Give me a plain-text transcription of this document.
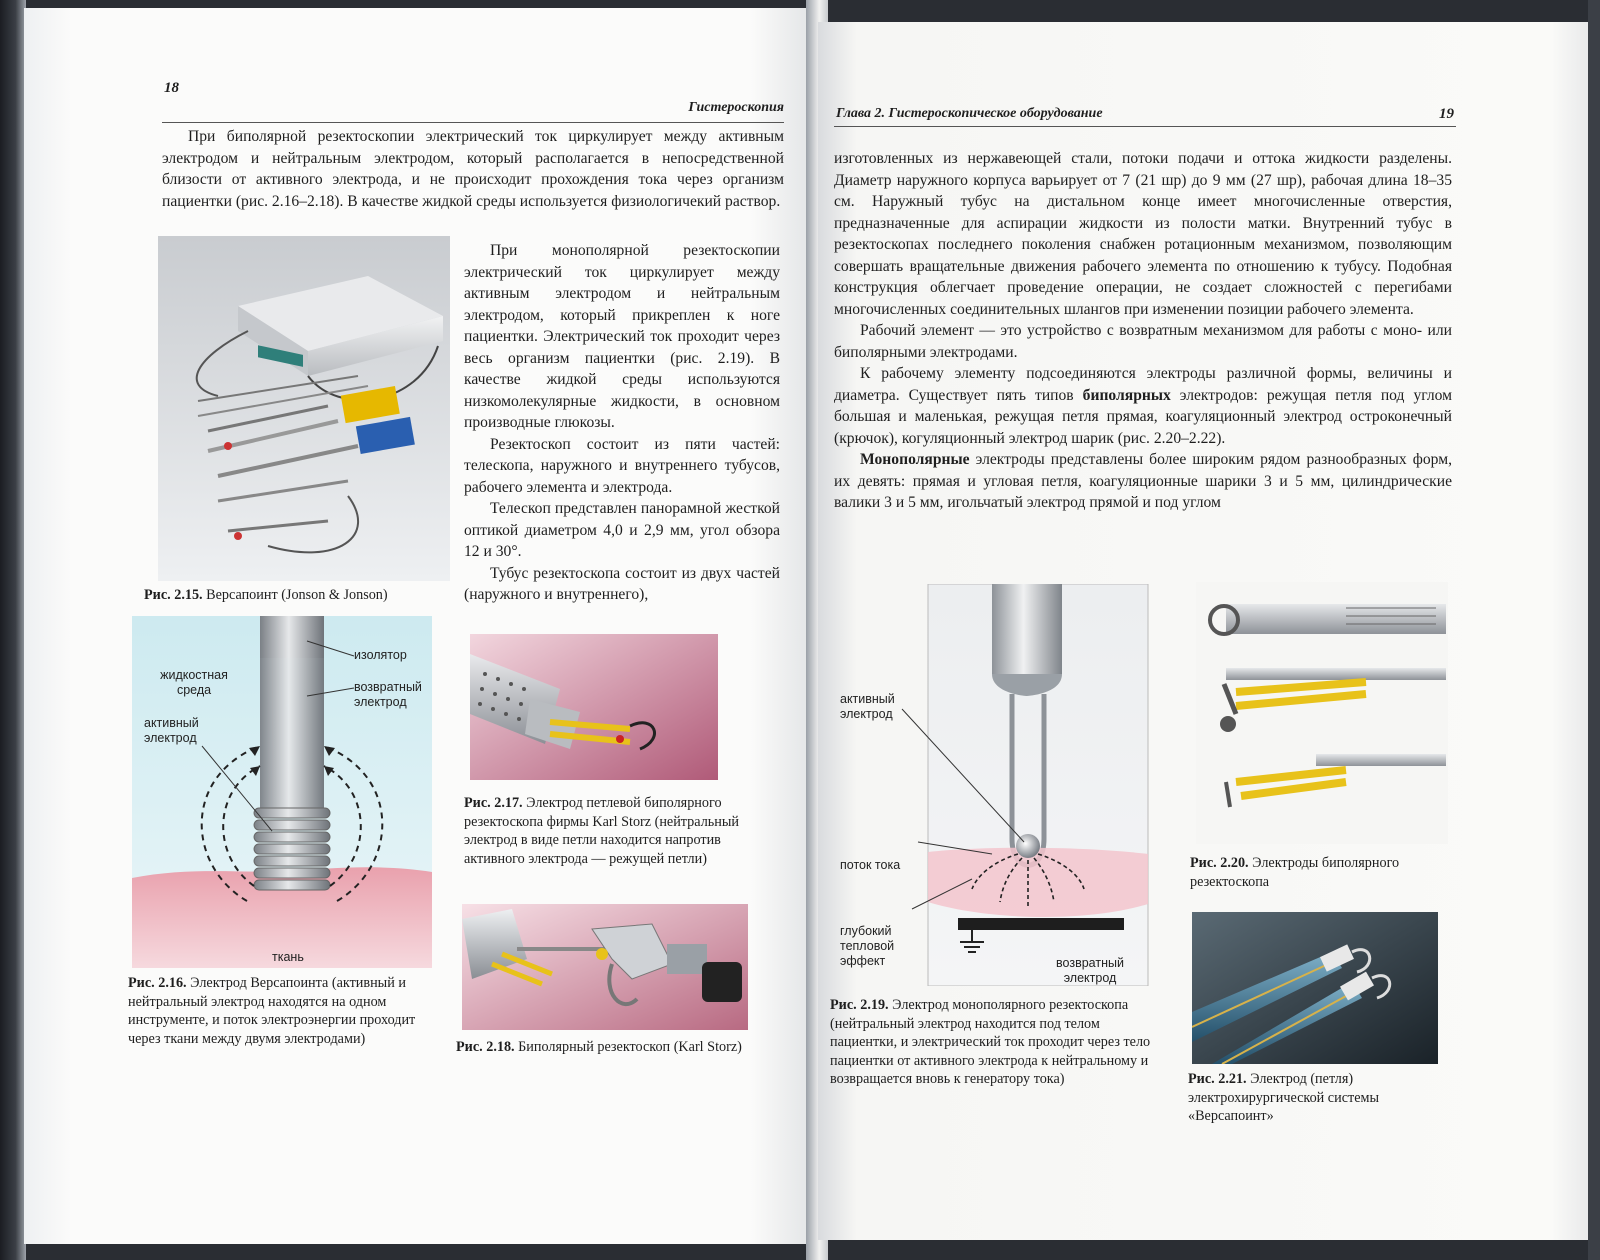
18
Гистероскопия

При биполярной резектоскопии электрический ток циркулирует между активным электродом и нейтральным электродом, который располагается в непосредственной близости от активного электрода, и не происходит прохождения тока через организм пациентки (рис. 2.16–2.18). В качестве жидкой среды используется физиологичекий раствор.

Рис. 2.15. Версапоинт (Jonson & Jonson)

При монополярной резектоскопии электрический ток циркулирует между активным электродом и нейтральным электродом, который прикреплен к ноге пациентки. Электрический ток проходит через весь организм пациентки (рис. 2.19). В качестве жидкой среды используются низкомолекулярные жидкости, в основном производные глюкозы.

Резектоскоп состоит из пяти частей: телескопа, наружного и внутреннего тубусов, рабочего элемента и электрода.

Телескоп представлен панорамной жесткой оптикой диаметром 4,0 и 2,9 мм, угол обзора 12 и 30°.

Тубус резектоскопа состоит из двух частей (наружного и внутреннего),

жидкостная среда
изолятор
возвратный электрод
активный электрод
ткань
Рис. 2.16. Электрод Версапоинта (активный и нейтральный электрод находятся на одном инструменте, и поток электроэнергии проходит через ткани между двумя электродами)
Рис. 2.17. Электрод петлевой биполярного резектоскопа фирмы Karl Storz (нейтральный электрод в виде петли находится напротив активного электрода — режущей петли)
Рис. 2.18. Биполярный резектоскоп (Karl Storz)
Глава 2. Гистероскопическое оборудование	19

изготовленных из нержавеющей стали, потоки подачи и оттока жидкости разделены. Диаметр наружного корпуса варьирует от 7 (21 шр) до 9 мм (27 шр), рабочая длина 18–35 см. Наружный тубус на дистальном конце имеет многочисленные отверстия, предназначенные для аспирации жидкости из полости матки. Внутренний тубус в резектоскопах последнего поколения снабжен ротационным механизмом, позволяющим совершать вращательные движения рабочего элемента по отношению к тубусу. Подобная конструкция облегчает проведение операции, не создает сложностей с перегибами многочисленных соединительных шлангов при изменении позиции рабочего элемента.

Рабочий элемент — это устройство с возвратным механизмом для работы с моно- или биполярными электродами.

К рабочему элементу подсоединяются электроды различной формы, величины и диаметра. Существует пять типов биполярных электродов: режущая петля под углом большая и маленькая, режущая петля прямая, коагуляционный электрод остроконечный (крючок), когуляционный электрод шарик (рис. 2.20–2.22).

Монополярные электроды представлены более широким рядом разнообразных форм, их девять: прямая и угловая петля, коагуляционные шарики 3 и 5 мм, цилиндрические валики 3 и 5 мм, игольчатый электрод прямой и под углом

активный электрод
поток тока
глубокий тепловой эффект	возвратный электрод
Рис. 2.19. Электрод монополярного резектоскопа (нейтральный электрод находится под телом пациентки, и электрический ток проходит через тело пациентки от активного электрода к нейтральному и возвращается вновь к генератору тока)
Рис. 2.20. Электроды биполярного резектоскопа
Рис. 2.21. Электрод (петля) электрохирургической системы «Версапоинт»
